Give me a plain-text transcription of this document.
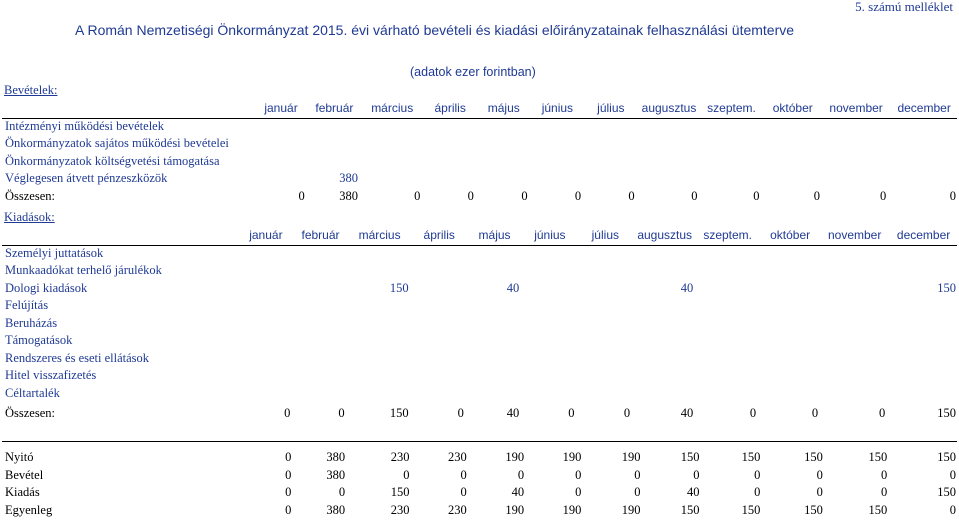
5. számú melléklet
A Román Nemzetiségi Önkormányzat 2015. évi várható bevételi és kiadási előirányzatainak felhasználási ütemterve
(adatok ezer forintban)
Bevételek:
	január	február	március	április	május	június	július	augusztus	szeptem.	október	november	december
Intézményi működési bevételek												
Önkormányzatok sajátos működési bevételei												
Önkormányzatok költségvetési támogatása												
Véglegesen átvett pénzeszközök		380										
Összesen:	0	380	0	0	0	0	0	0	0	0	0	0
Kiadások:
	január	február	március	április	május	június	július	augusztus	szeptem.	október	november	december
Személyi juttatások												
Munkaadókat terhelő járulékok												
Dologi kiadások			150		40			40				150
Felújítás												
Beruházás												
Támogatások												
Rendszeres és eseti ellátások												
Hitel visszafizetés												
Céltartalék												

Összesen:	0	0	150	0	40	0	0	40	0	0	0	150
Nyitó	0	380	230	230	190	190	190	150	150	150	150	150
Bevétel	0	380	0	0	0	0	0	0	0	0	0	0
Kiadás	0	0	150	0	40	0	0	40	0	0	0	150
Egyenleg	0	380	230	230	190	190	190	150	150	150	150	0
